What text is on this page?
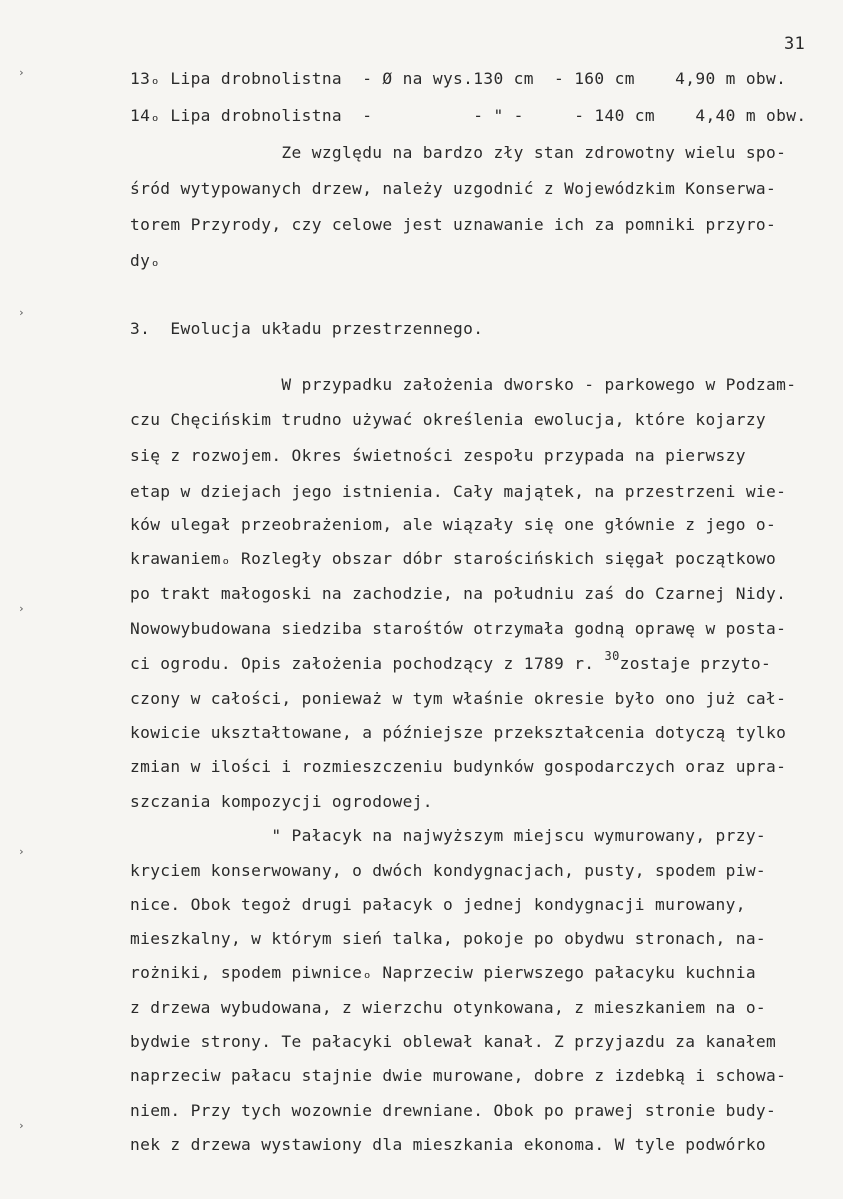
›
›
›
›
›
31
13ₒ Lipa drobnolistna  - Ø na wys.130 cm  - 160 cm    4,90 m obw.
14ₒ Lipa drobnolistna  -          - " -     - 140 cm    4,40 m obw.
Ze względu na bardzo zły stan zdrowotny wielu spo-
śród wytypowanych drzew, należy uzgodnić z Wojewódzkim Konserwa-
torem Przyrody, czy celowe jest uznawanie ich za pomniki przyro-
dyₒ
3.  Ewolucja układu przestrzennego.
W przypadku założenia dworsko - parkowego w Podzam-
czu Chęcińskim trudno używać określenia ewolucja, które kojarzy
się z rozwojem. Okres świetności zespołu przypada na pierwszy
etap w dziejach jego istnienia. Cały majątek, na przestrzeni wie-
ków ulegał przeobrażeniom, ale wiązały się one głównie z jego o-
krawaniemₒ Rozległy obszar dóbr starościńskich sięgał początkowo
po trakt małogoski na zachodzie, na południu zaś do Czarnej Nidy.
Nowowybudowana siedziba starośtów otrzymała godną oprawę w posta-
ci ogrodu. Opis założenia pochodzący z 1789 r. $^{30}$zostaje przyto-
czony w całości, ponieważ w tym właśnie okresie było ono już cał-
kowicie ukształtowane, a późniejsze przekształcenia dotyczą tylko
zmian w ilości i rozmieszczeniu budynków gospodarczych oraz upra-
szczania kompozycji ogrodowej.
" Pałacyk na najwyższym miejscu wymurowany, przy-
kryciem konserwowany, o dwóch kondygnacjach, pusty, spodem piw-
nice. Obok tegoż drugi pałacyk o jednej kondygnacji murowany,
mieszkalny, w którym sień talka, pokoje po obydwu stronach, na-
rożniki, spodem piwniceₒ Naprzeciw pierwszego pałacyku kuchnia
z drzewa wybudowana, z wierzchu otynkowana, z mieszkaniem na o-
bydwie strony. Te pałacyki oblewał kanał. Z przyjazdu za kanałem
naprzeciw pałacu stajnie dwie murowane, dobre z izdebką i schowa-
niem. Przy tych wozownie drewniane. Obok po prawej stronie budy-
nek z drzewa wystawiony dla mieszkania ekonoma. W tyle podwórko
